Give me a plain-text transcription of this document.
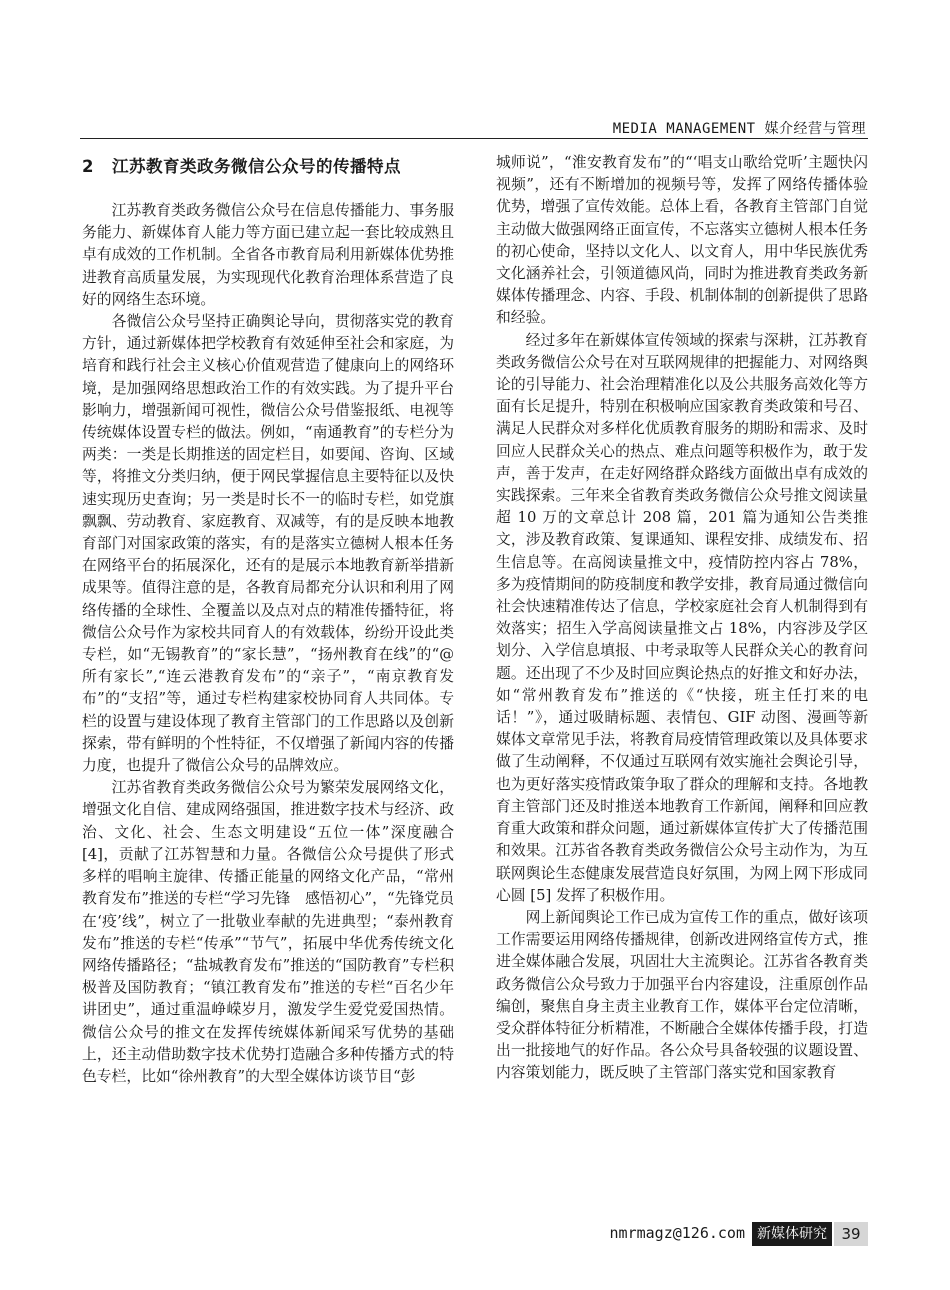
MEDIA MANAGEMENT 媒介经营与管理
2 江苏教育类政务微信公众号的传播特点

江苏教育类政务微信公众号在信息传播能力、事务服务能力、新媒体育人能力等方面已建立起一套比较成熟且卓有成效的工作机制。全省各市教育局利用新媒体优势推进教育高质量发展，为实现现代化教育治理体系营造了良好的网络生态环境。

各微信公众号坚持正确舆论导向，贯彻落实党的教育方针，通过新媒体把学校教育有效延伸至社会和家庭，为培育和践行社会主义核心价值观营造了健康向上的网络环境，是加强网络思想政治工作的有效实践。为了提升平台影响力，增强新闻可视性，微信公众号借鉴报纸、电视等传统媒体设置专栏的做法。例如，“南通教育”的专栏分为两类：一类是长期推送的固定栏目，如要闻、咨询、区域等，将推文分类归纳，便于网民掌握信息主要特征以及快速实现历史查询；另一类是时长不一的临时专栏，如党旗飘飘、劳动教育、家庭教育、双减等，有的是反映本地教育部门对国家政策的落实，有的是落实立德树人根本任务在网络平台的拓展深化，还有的是展示本地教育新举措新成果等。值得注意的是，各教育局都充分认识和利用了网络传播的全球性、全覆盖以及点对点的精准传播特征，将微信公众号作为家校共同育人的有效载体，纷纷开设此类专栏，如“无锡教育”的“家长慧”，“扬州教育在线”的“@所有家长”,“连云港教育发布”的“亲子”，“南京教育发布”的“支招”等，通过专栏构建家校协同育人共同体。专栏的设置与建设体现了教育主管部门的工作思路以及创新探索，带有鲜明的个性特征，不仅增强了新闻内容的传播力度，也提升了微信公众号的品牌效应。

江苏省教育类政务微信公众号为繁荣发展网络文化，增强文化自信、建成网络强国，推进数字技术与经济、政治、文化、社会、生态文明建设“五位一体”深度融合 [4]，贡献了江苏智慧和力量。各微信公众号提供了形式多样的唱响主旋律、传播正能量的网络文化产品，“常州教育发布”推送的专栏“学习先锋　感悟初心”，“先锋党员在‘疫’线”，树立了一批敬业奉献的先进典型；“泰州教育发布”推送的专栏“传承”“节气”，拓展中华优秀传统文化网络传播路径；“盐城教育发布”推送的“国防教育”专栏积极普及国防教育；“镇江教育发布”推送的专栏“百名少年讲团史”，通过重温峥嵘岁月，激发学生爱党爱国热情。微信公众号的推文在发挥传统媒体新闻采写优势的基础上，还主动借助数字技术优势打造融合多种传播方式的特色专栏，比如“徐州教育”的大型全媒体访谈节目“彭

城师说”，“淮安教育发布”的“‘唱支山歌给党听’主题快闪视频”，还有不断增加的视频号等，发挥了网络传播体验优势，增强了宣传效能。总体上看，各教育主管部门自觉主动做大做强网络正面宣传，不忘落实立德树人根本任务的初心使命，坚持以文化人、以文育人，用中华民族优秀文化涵养社会，引领道德风尚，同时为推进教育类政务新媒体传播理念、内容、手段、机制体制的创新提供了思路和经验。

经过多年在新媒体宣传领域的探索与深耕，江苏教育类政务微信公众号在对互联网规律的把握能力、对网络舆论的引导能力、社会治理精准化以及公共服务高效化等方面有长足提升，特别在积极响应国家教育类政策和号召、满足人民群众对多样化优质教育服务的期盼和需求、及时回应人民群众关心的热点、难点问题等积极作为，敢于发声，善于发声，在走好网络群众路线方面做出卓有成效的实践探索。三年来全省教育类政务微信公众号推文阅读量超 10 万的文章总计 208 篇，201 篇为通知公告类推文，涉及教育政策、复课通知、课程安排、成绩发布、招生信息等。在高阅读量推文中，疫情防控内容占 78%，多为疫情期间的防疫制度和教学安排，教育局通过微信向社会快速精准传达了信息，学校家庭社会育人机制得到有效落实；招生入学高阅读量推文占 18%，内容涉及学区划分、入学信息填报、中考录取等人民群众关心的教育问题。还出现了不少及时回应舆论热点的好推文和好办法，如“常州教育发布”推送的《“快接，班主任打来的电话！”》，通过吸睛标题、表情包、GIF 动图、漫画等新媒体文章常见手法，将教育局疫情管理政策以及具体要求做了生动阐释，不仅通过互联网有效实施社会舆论引导，也为更好落实疫情政策争取了群众的理解和支持。各地教育主管部门还及时推送本地教育工作新闻，阐释和回应教育重大政策和群众问题，通过新媒体宣传扩大了传播范围和效果。江苏省各教育类政务微信公众号主动作为，为互联网舆论生态健康发展营造良好氛围，为网上网下形成同心圆 [5] 发挥了积极作用。

网上新闻舆论工作已成为宣传工作的重点，做好该项工作需要运用网络传播规律，创新改进网络宣传方式，推进全媒体融合发展，巩固壮大主流舆论。江苏省各教育类政务微信公众号致力于加强平台内容建设，注重原创作品编创，聚焦自身主责主业教育工作，媒体平台定位清晰，受众群体特征分析精准，不断融合全媒体传播手段，打造出一批接地气的好作品。各公众号具备较强的议题设置、内容策划能力，既反映了主管部门落实党和国家教育

nmrmagz@126.com 新媒体研究 39
